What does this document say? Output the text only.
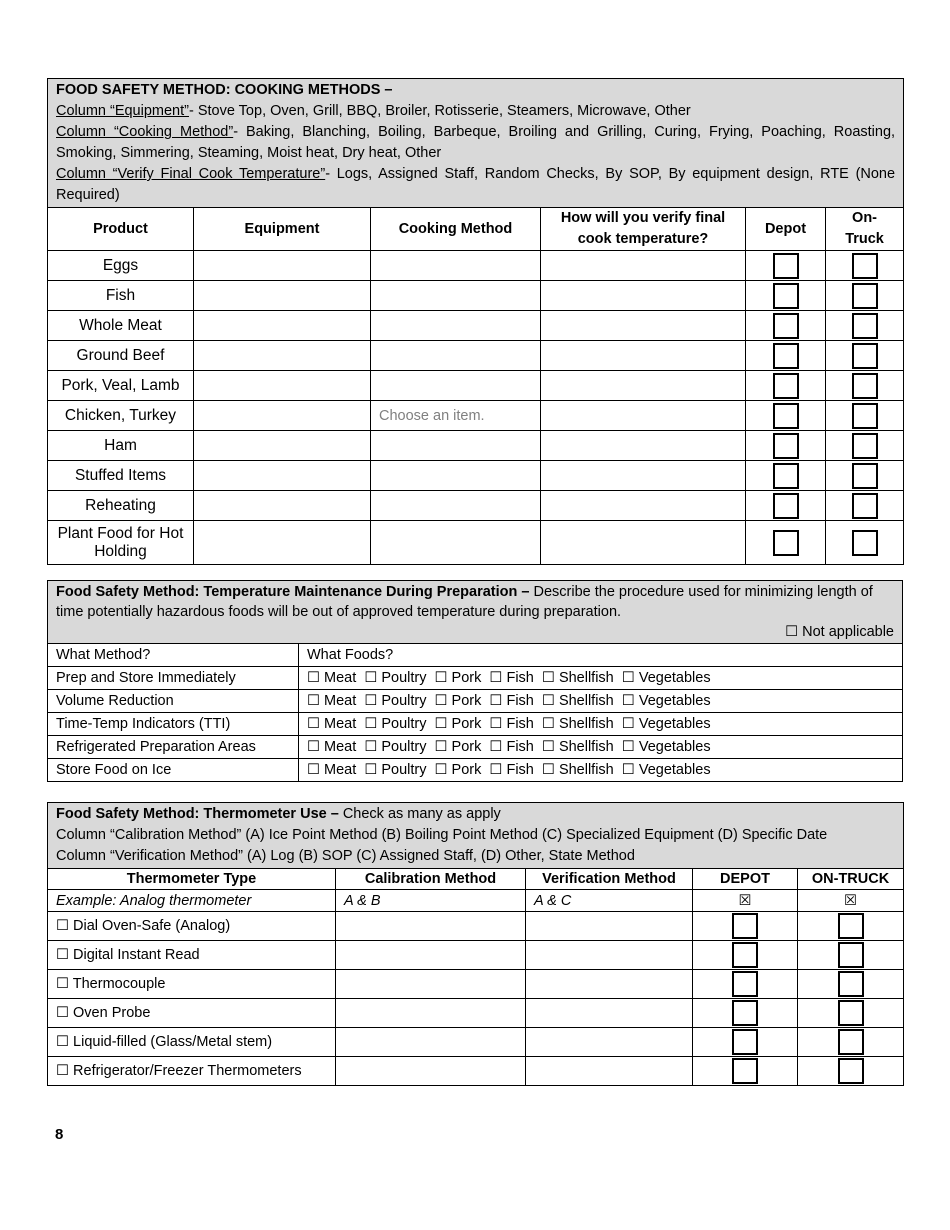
FOOD SAFETY METHOD: COOKING METHODS –
Column “Equipment”- Stove Top, Oven, Grill, BBQ, Broiler, Rotisserie, Steamers, Microwave, Other
Column “Cooking Method”- Baking, Blanching, Boiling, Barbeque, Broiling and Grilling, Curing, Frying, Poaching, Roasting, Smoking, Simmering, Steaming, Moist heat, Dry heat, Other
Column “Verify Final Cook Temperature”- Logs, Assigned Staff, Random Checks, By SOP, By equipment design, RTE (None Required)					
Product	Equipment	Cooking Method	How will you verify final cook temperature?	Depot	On-Truck
Eggs					
Fish					
Whole Meat					
Ground Beef					
Pork, Veal, Lamb					
Chicken, Turkey		Choose an item.			
Ham					
Stuffed Items					
Reheating					
Plant Food for Hot Holding					
Food Safety Method: Temperature Maintenance During Preparation – Describe the procedure used for minimizing length of time potentially hazardous foods will be out of approved temperature during preparation.
☐ Not applicable	

What Method?	What Foods?
Prep and Store Immediately	☐ Meat  ☐ Poultry  ☐ Pork  ☐ Fish  ☐ Shellfish  ☐ Vegetables
Volume Reduction	☐ Meat  ☐ Poultry  ☐ Pork  ☐ Fish  ☐ Shellfish  ☐ Vegetables
Time-Temp Indicators (TTI)	☐ Meat  ☐ Poultry  ☐ Pork  ☐ Fish  ☐ Shellfish  ☐ Vegetables
Refrigerated Preparation Areas	☐ Meat  ☐ Poultry  ☐ Pork  ☐ Fish  ☐ Shellfish  ☐ Vegetables
Store Food on Ice	☐ Meat  ☐ Poultry  ☐ Pork  ☐ Fish  ☐ Shellfish  ☐ Vegetables
Food Safety Method: Thermometer Use – Check as many as apply
Column “Calibration Method” (A) Ice Point Method (B) Boiling Point Method (C) Specialized Equipment (D) Specific Date
Column “Verification Method” (A) Log (B) SOP (C) Assigned Staff, (D) Other, State Method				
Thermometer Type	Calibration Method	Verification Method	DEPOT	ON-TRUCK
Example: Analog thermometer	A & B	A & C	☒	☒
☐ Dial Oven-Safe (Analog)				
☐ Digital Instant Read				
☐ Thermocouple				
☐ Oven Probe				
☐ Liquid-filled (Glass/Metal stem)				
☐ Refrigerator/Freezer Thermometers				
8
